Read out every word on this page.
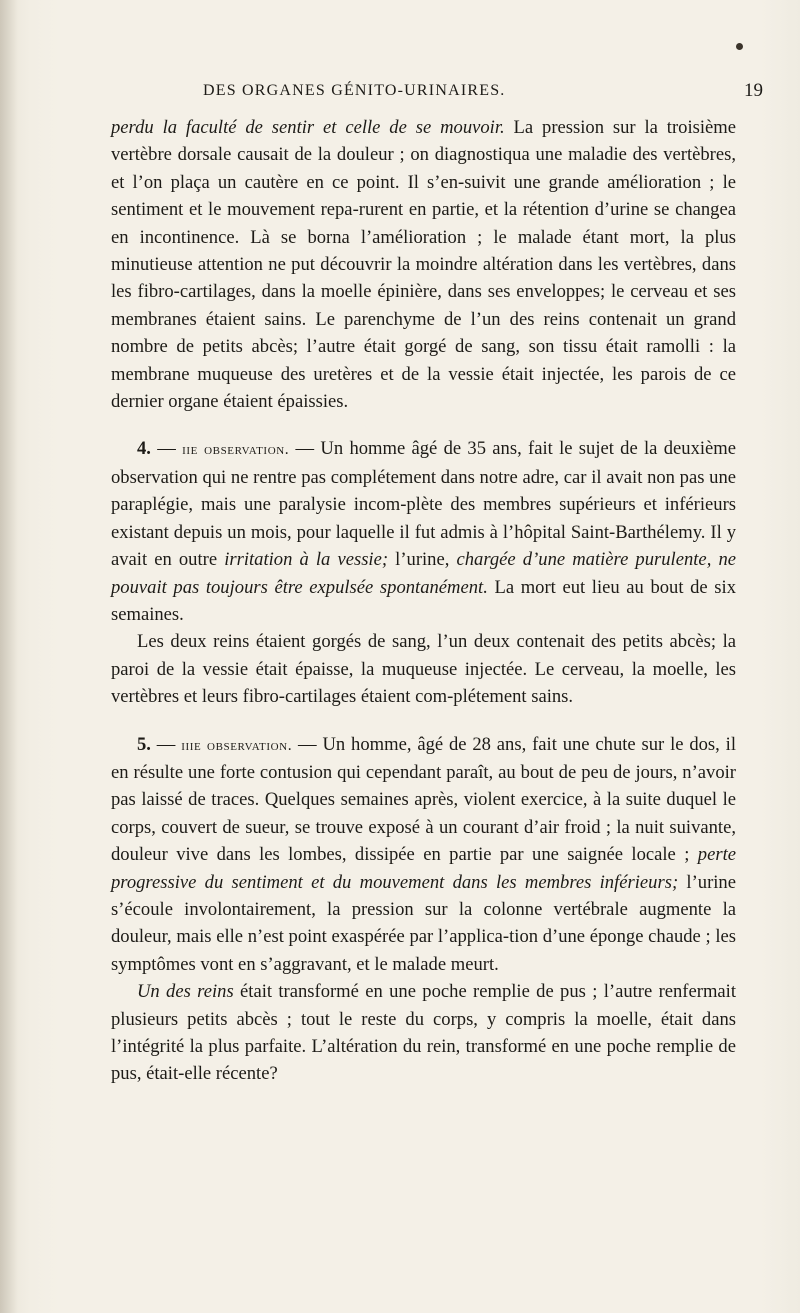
DES ORGANES GÉNITO-URINAIRES.	19

perdu la faculté de sentir et celle de se mouvoir. La pression sur la troisième vertèbre dorsale causait de la douleur ; on diagnostiqua une maladie des vertèbres, et l’on plaça un cautère en ce point. Il s’en-suivit une grande amélioration ; le sentiment et le mouvement repa-rurent en partie, et la rétention d’urine se changea en incontinence. Là se borna l’amélioration ; le malade étant mort, la plus minutieuse attention ne put découvrir la moindre altération dans les vertèbres, dans les fibro-cartilages, dans la moelle épinière, dans ses enveloppes; le cerveau et ses membranes étaient sains. Le parenchyme de l’un des reins contenait un grand nombre de petits abcès; l’autre était gorgé de sang, son tissu était ramolli : la membrane muqueuse des uretères et de la vessie était injectée, les parois de ce dernier organe étaient épaissies.

4. — iie observation. — Un homme âgé de 35 ans, fait le sujet de la deuxième observation qui ne rentre pas complétement dans notre adre, car il avait non pas une paraplégie, mais une paralysie incom-plète des membres supérieurs et inférieurs existant depuis un mois, pour laquelle il fut admis à l’hôpital Saint-Barthélemy. Il y avait en outre irritation à la vessie; l’urine, chargée d’une matière purulente, ne pouvait pas toujours être expulsée spontanément. La mort eut lieu au bout de six semaines.

Les deux reins étaient gorgés de sang, l’un deux contenait des petits abcès; la paroi de la vessie était épaisse, la muqueuse injectée. Le cerveau, la moelle, les vertèbres et leurs fibro-cartilages étaient com-plétement sains.

5. — iiie observation. — Un homme, âgé de 28 ans, fait une chute sur le dos, il en résulte une forte contusion qui cependant paraît, au bout de peu de jours, n’avoir pas laissé de traces. Quelques semaines après, violent exercice, à la suite duquel le corps, couvert de sueur, se trouve exposé à un courant d’air froid ; la nuit suivante, douleur vive dans les lombes, dissipée en partie par une saignée locale ; perte progressive du sentiment et du mouvement dans les membres inférieurs; l’urine s’écoule involontairement, la pression sur la colonne vertébrale augmente la douleur, mais elle n’est point exaspérée par l’applica-tion d’une éponge chaude ; les symptômes vont en s’aggravant, et le malade meurt.

Un des reins était transformé en une poche remplie de pus ; l’autre renfermait plusieurs petits abcès ; tout le reste du corps, y compris la moelle, était dans l’intégrité la plus parfaite. L’altération du rein, transformé en une poche remplie de pus, était-elle récente?
